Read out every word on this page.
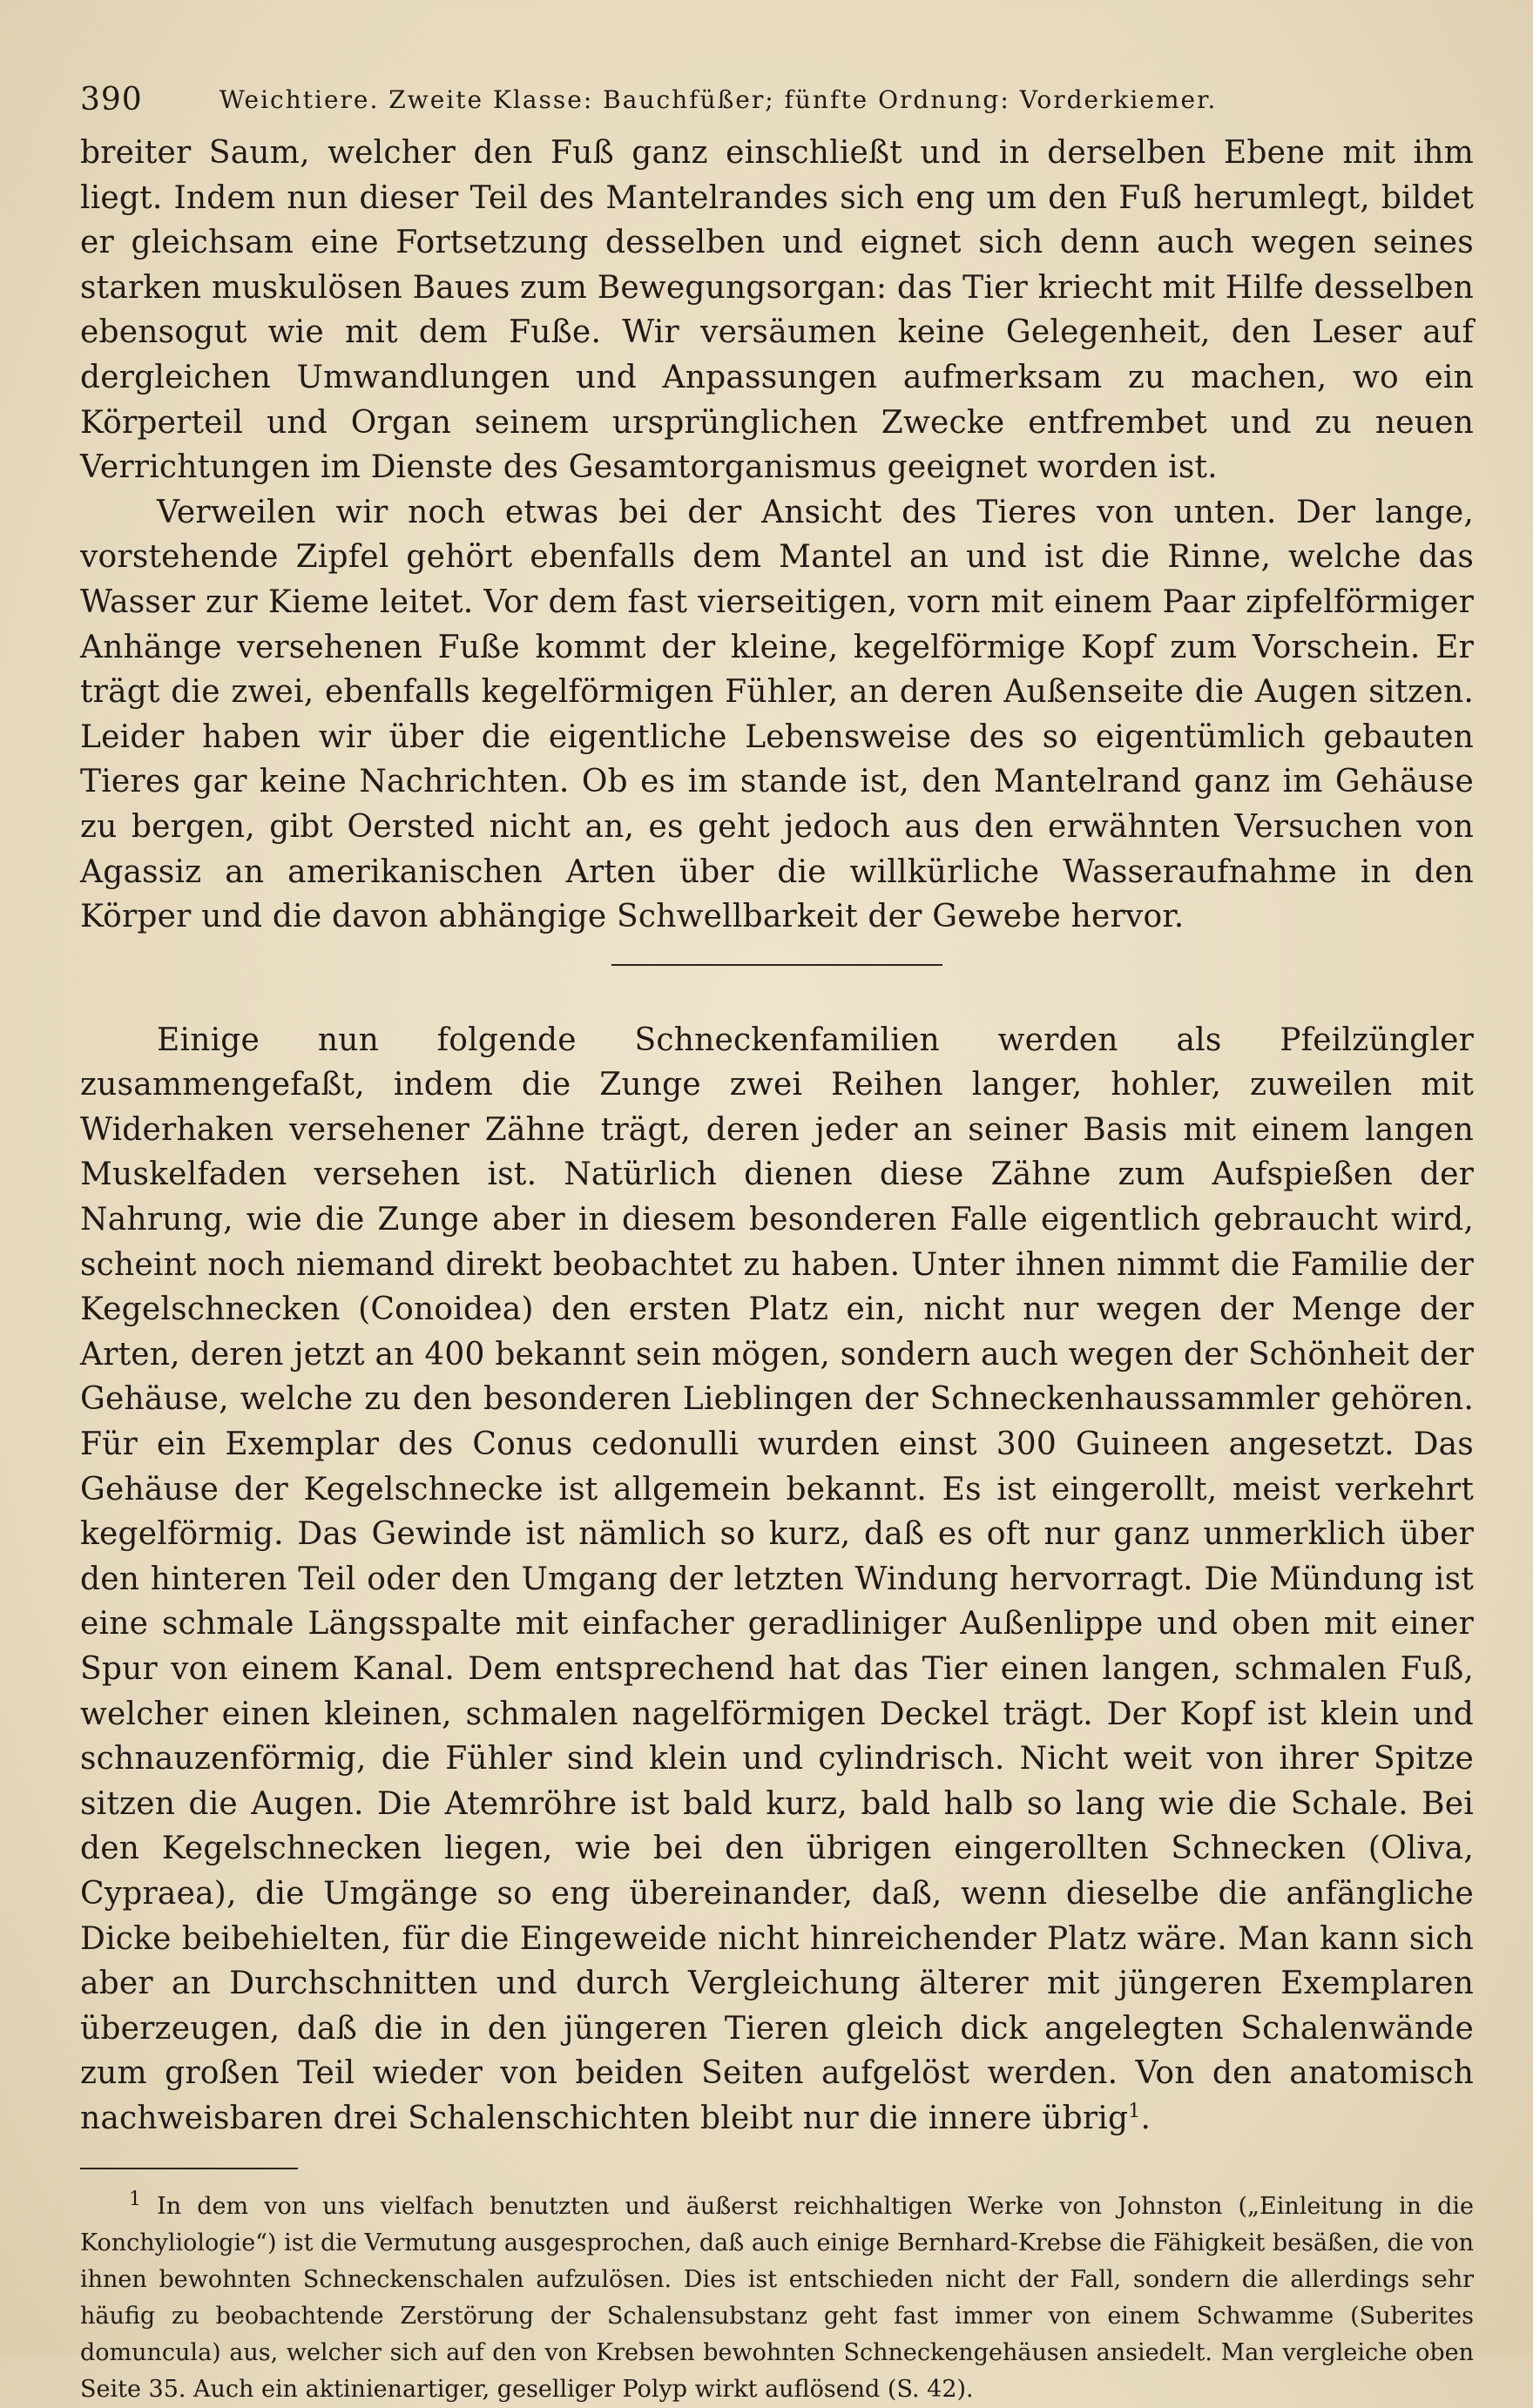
390	Weichtiere. Zweite Klasse: Bauchfüßer; fünfte Ordnung: Vorderkiemer.

breiter Saum, welcher den Fuß ganz einschließt und in derselben Ebene mit ihm liegt. Indem nun dieser Teil des Mantelrandes sich eng um den Fuß herumlegt, bildet er gleichsam eine Fortsetzung desselben und eignet sich denn auch wegen seines starken muskulösen Baues zum Bewegungsorgan: das Tier kriecht mit Hilfe desselben ebensogut wie mit dem Fuße. Wir versäumen keine Gelegenheit, den Leser auf dergleichen Umwandlungen und Anpassungen aufmerksam zu machen, wo ein Körperteil und Organ seinem ursprünglichen Zwecke entfrembet und zu neuen Verrichtungen im Dienste des Gesamtorganismus geeignet worden ist.

Verweilen wir noch etwas bei der Ansicht des Tieres von unten. Der lange, vorstehende Zipfel gehört ebenfalls dem Mantel an und ist die Rinne, welche das Wasser zur Kieme leitet. Vor dem fast vierseitigen, vorn mit einem Paar zipfelförmiger Anhänge versehenen Fuße kommt der kleine, kegelförmige Kopf zum Vorschein. Er trägt die zwei, ebenfalls kegelförmigen Fühler, an deren Außenseite die Augen sitzen. Leider haben wir über die eigentliche Lebensweise des so eigentümlich gebauten Tieres gar keine Nachrichten. Ob es im stande ist, den Mantelrand ganz im Gehäuse zu bergen, gibt Oersted nicht an, es geht jedoch aus den erwähnten Versuchen von Agassiz an amerikanischen Arten über die willkürliche Wasseraufnahme in den Körper und die davon abhängige Schwellbarkeit der Gewebe hervor.

Einige nun folgende Schneckenfamilien werden als Pfeilzüngler zusammengefaßt, indem die Zunge zwei Reihen langer, hohler, zuweilen mit Widerhaken versehener Zähne trägt, deren jeder an seiner Basis mit einem langen Muskelfaden versehen ist. Natürlich dienen diese Zähne zum Aufspießen der Nahrung, wie die Zunge aber in diesem besonderen Falle eigentlich gebraucht wird, scheint noch niemand direkt beobachtet zu haben. Unter ihnen nimmt die Familie der Kegelschnecken (Conoidea) den ersten Platz ein, nicht nur wegen der Menge der Arten, deren jetzt an 400 bekannt sein mögen, sondern auch wegen der Schönheit der Gehäuse, welche zu den besonderen Lieblingen der Schneckenhaussammler gehören. Für ein Exemplar des Conus cedonulli wurden einst 300 Guineen angesetzt. Das Gehäuse der Kegelschnecke ist allgemein bekannt. Es ist eingerollt, meist verkehrt kegelförmig. Das Gewinde ist nämlich so kurz, daß es oft nur ganz unmerklich über den hinteren Teil oder den Umgang der letzten Windung hervorragt. Die Mündung ist eine schmale Längsspalte mit einfacher geradliniger Außenlippe und oben mit einer Spur von einem Kanal. Dem entsprechend hat das Tier einen langen, schmalen Fuß, welcher einen kleinen, schmalen nagelförmigen Deckel trägt. Der Kopf ist klein und schnauzenförmig, die Fühler sind klein und cylindrisch. Nicht weit von ihrer Spitze sitzen die Augen. Die Atemröhre ist bald kurz, bald halb so lang wie die Schale. Bei den Kegelschnecken liegen, wie bei den übrigen eingerollten Schnecken (Oliva, Cypraea), die Umgänge so eng übereinander, daß, wenn dieselbe die anfängliche Dicke beibehielten, für die Eingeweide nicht hinreichender Platz wäre. Man kann sich aber an Durchschnitten und durch Vergleichung älterer mit jüngeren Exemplaren überzeugen, daß die in den jüngeren Tieren gleich dick angelegten Schalenwände zum großen Teil wieder von beiden Seiten aufgelöst werden. Von den anatomisch nachweisbaren drei Schalenschichten bleibt nur die innere übrig$^1$.

$^1$ In dem von uns vielfach benutzten und äußerst reichhaltigen Werke von Johnston („Einleitung in die Konchyliologie“) ist die Vermutung ausgesprochen, daß auch einige Bernhard-Krebse die Fähigkeit besäßen, die von ihnen bewohnten Schneckenschalen aufzulösen. Dies ist entschieden nicht der Fall, sondern die allerdings sehr häufig zu beobachtende Zerstörung der Schalensubstanz geht fast immer von einem Schwamme (Suberites domuncula) aus, welcher sich auf den von Krebsen bewohnten Schneckengehäusen ansiedelt. Man vergleiche oben Seite 35. Auch ein aktinienartiger, geselliger Polyp wirkt auflösend (S. 42).
